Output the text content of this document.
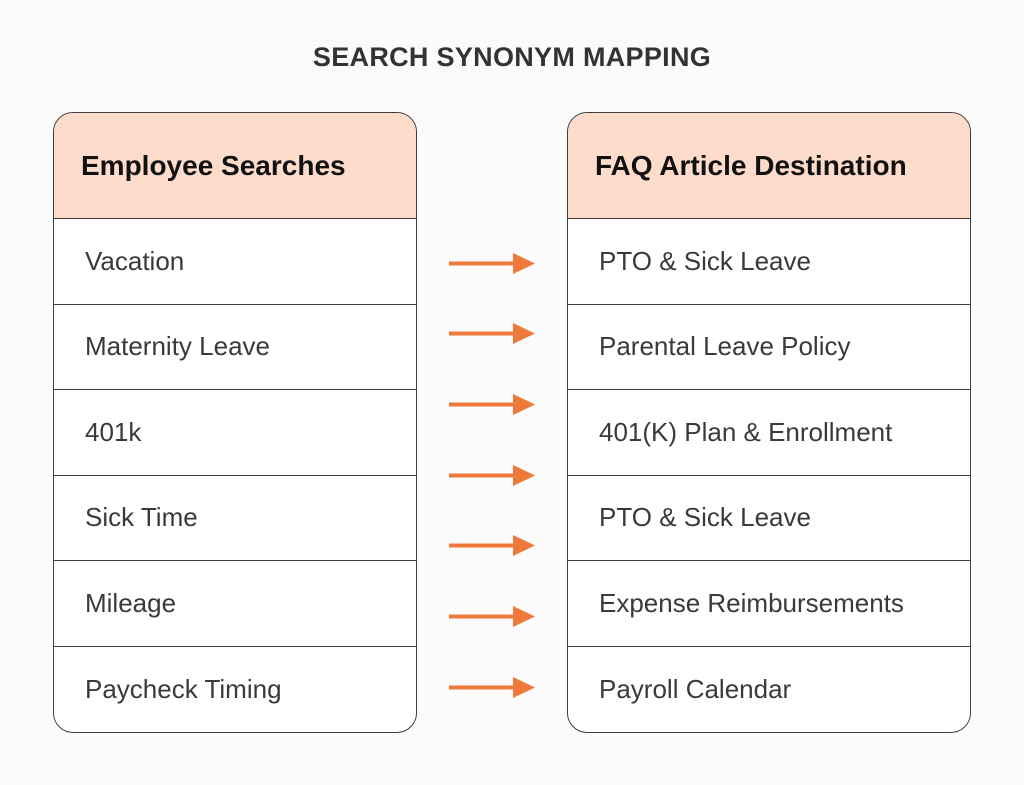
SEARCH SYNONYM MAPPING
Employee Searches
Vacation
Maternity Leave
401k
Sick Time
Mileage
Paycheck Timing
FAQ Article Destination
PTO & Sick Leave
Parental Leave Policy
401(K) Plan & Enrollment
PTO & Sick Leave
Expense Reimbursements
Payroll Calendar
